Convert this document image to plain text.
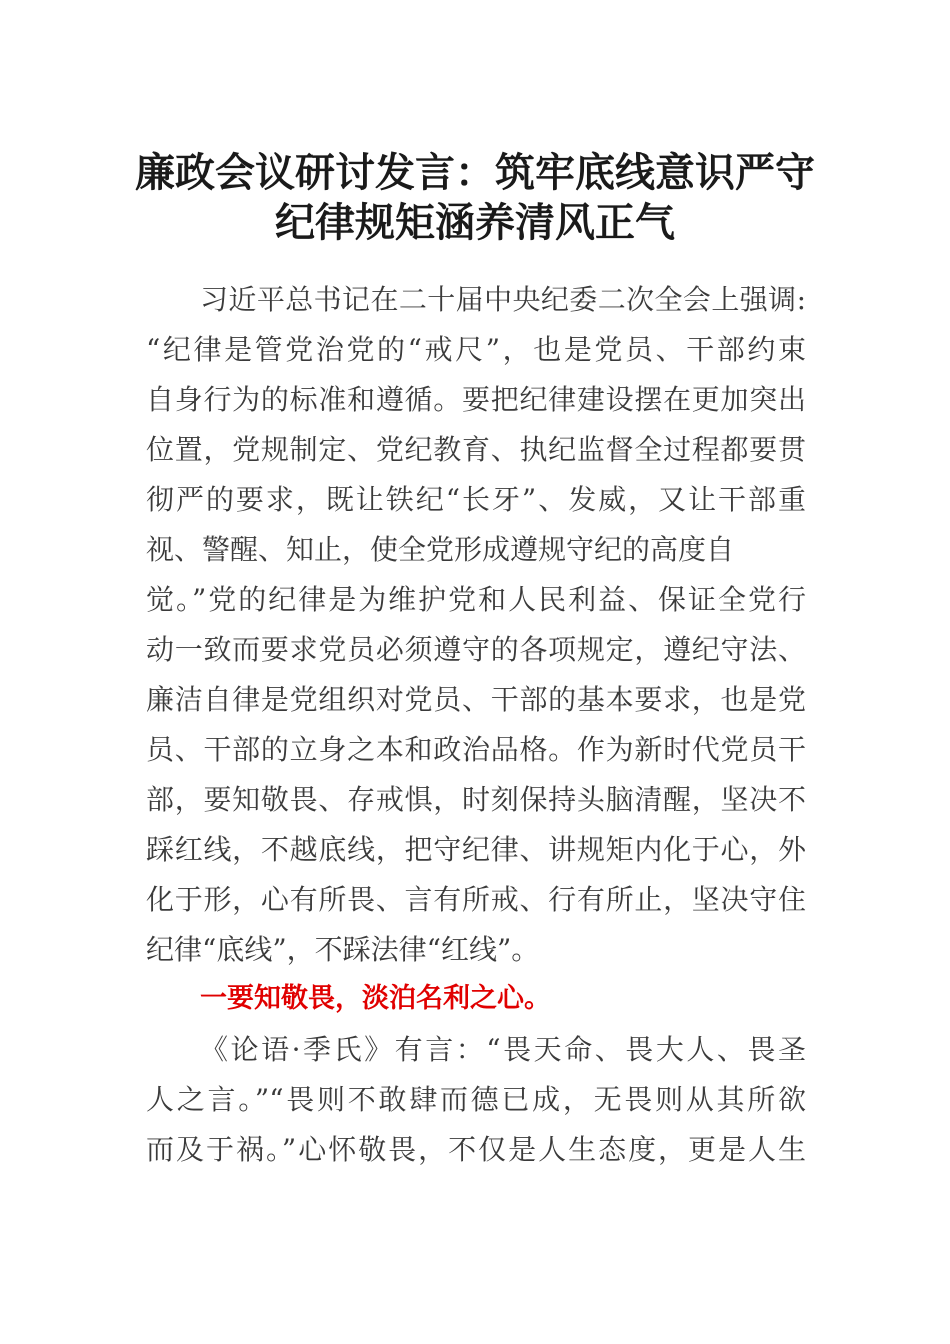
廉政会议研讨发言：筑牢底线意识严守
纪律规矩涵养清风正气
习近平总书记在二十届中央纪委二次全会上强调:
“纪律是管党治党的“戒尺”，也是党员、干部约束
自身行为的标准和遵循。要把纪律建设摆在更加突出
位置，党规制定、党纪教育、执纪监督全过程都要贯
彻严的要求，既让铁纪“长牙”、发威，又让干部重
视、警醒、知止，使全党形成遵规守纪的高度自
觉。”党的纪律是为维护党和人民利益、保证全党行
动一致而要求党员必须遵守的各项规定，遵纪守法、
廉洁自律是党组织对党员、干部的基本要求，也是党
员、干部的立身之本和政治品格。作为新时代党员干
部，要知敬畏、存戒惧，时刻保持头脑清醒，坚决不
踩红线，不越底线，把守纪律、讲规矩内化于心，外
化于形，心有所畏、言有所戒、行有所止，坚决守住
纪律“底线”，不踩法律“红线”。
一要知敬畏，淡泊名利之心。
《论语·季氏》有言：“畏天命、畏大人、畏圣
人之言。”“畏则不敢肆而德已成，无畏则从其所欲
而及于祸。”心怀敬畏，不仅是人生态度，更是人生
